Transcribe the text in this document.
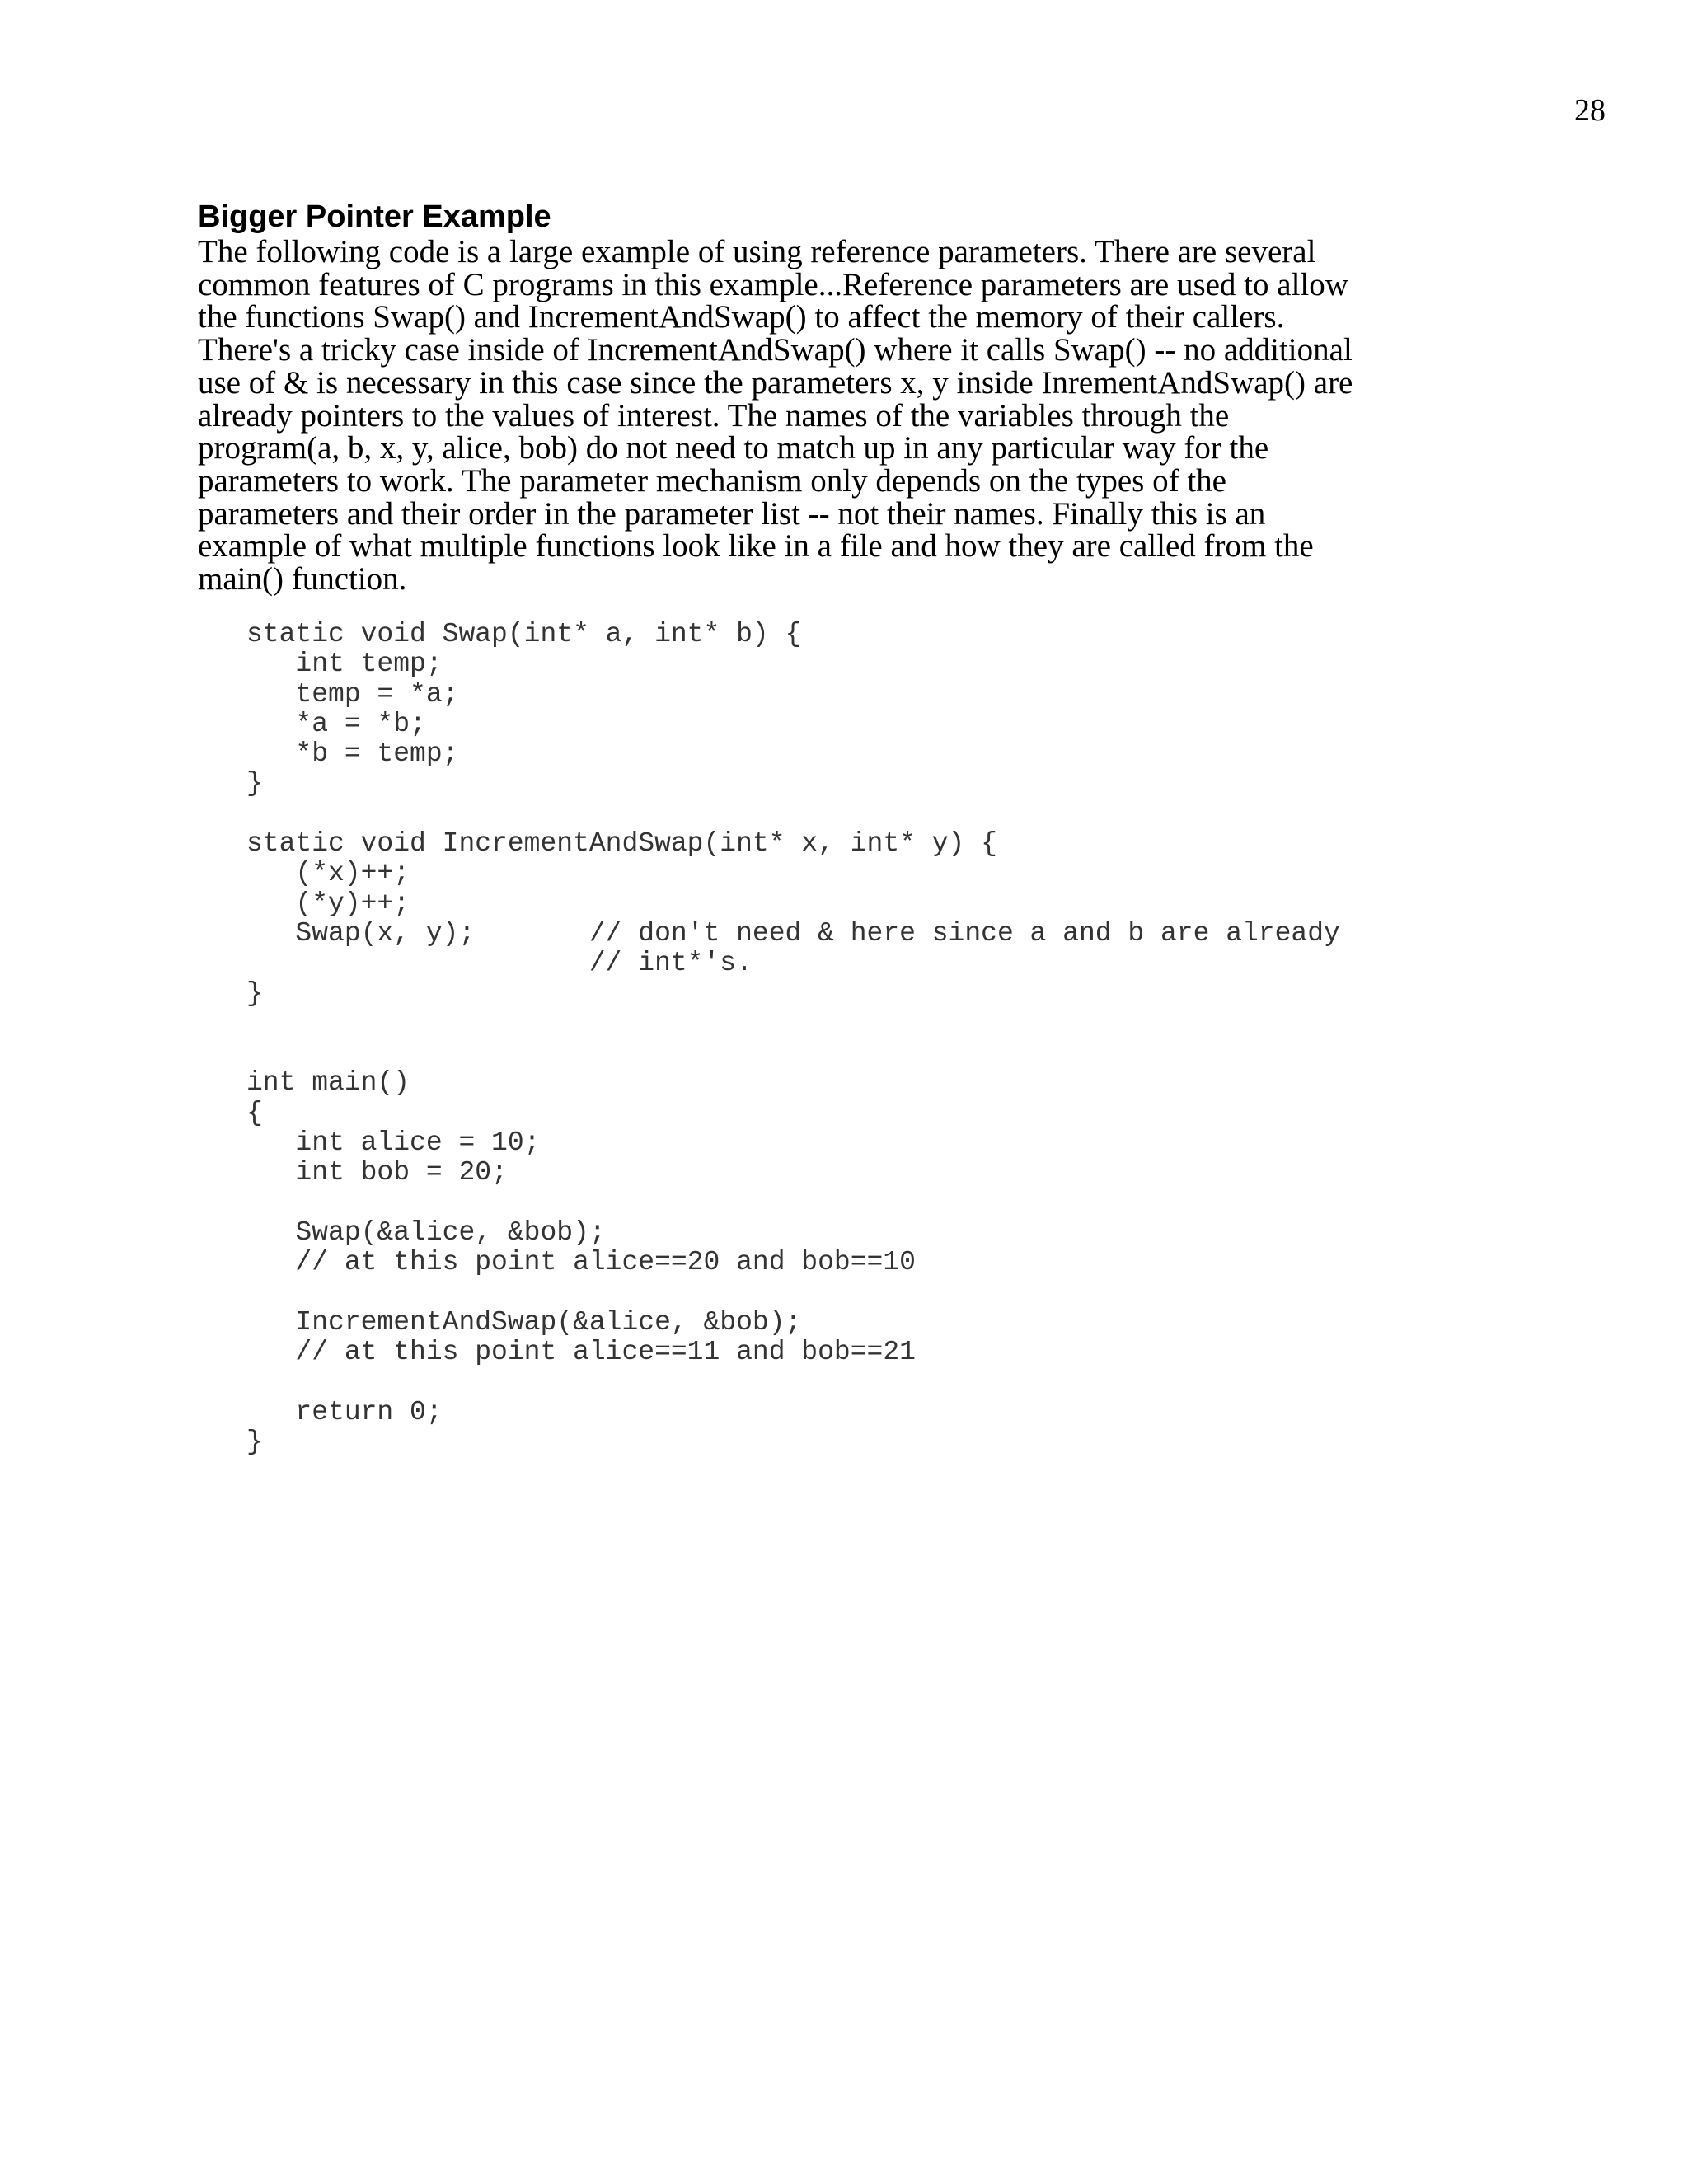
28
Bigger Pointer Example

The following code is a large example of using reference parameters. There are several
common features of C programs in this example...Reference parameters are used to allow
the functions Swap() and IncrementAndSwap() to affect the memory of their callers.
There's a tricky case inside of IncrementAndSwap() where it calls Swap() -- no additional
use of & is necessary in this case since the parameters x, y inside InrementAndSwap() are
already pointers to the values of interest. The names of the variables through the
program(a, b, x, y, alice, bob) do not need to match up in any particular way for the
parameters to work. The parameter mechanism only depends on the types of the
parameters and their order in the parameter list -- not their names. Finally this is an
example of what multiple functions look like in a file and how they are called from the
main() function.

static void Swap(int* a, int* b) {
int temp;
temp = *a;
*a = *b;
*b = temp;
}
static void IncrementAndSwap(int* x, int* y) {
(*x)++;
(*y)++;
Swap(x, y);       // don't need & here since a and b are already
// int*'s.
}
int main()
{
int alice = 10;
int bob = 20;
Swap(&alice, &bob);
// at this point alice==20 and bob==10
IncrementAndSwap(&alice, &bob);
// at this point alice==11 and bob==21
return 0;
}
